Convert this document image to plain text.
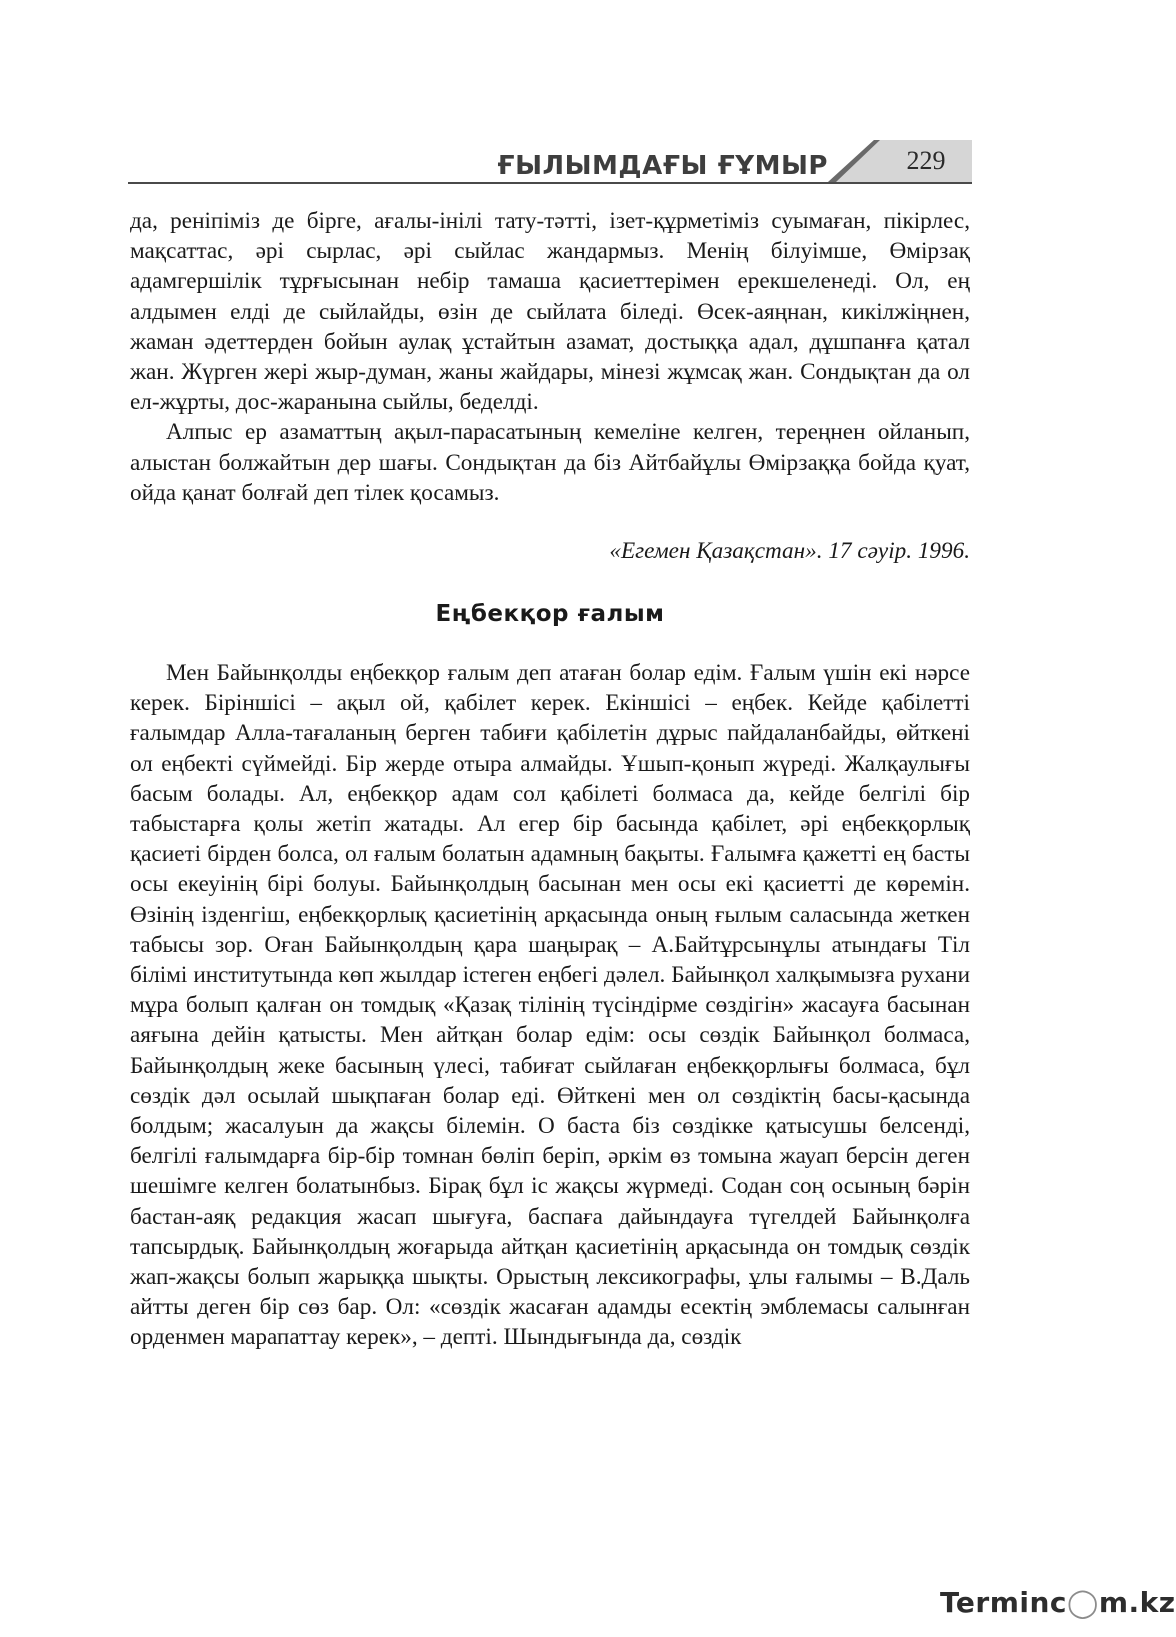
ҒЫЛЫМДАҒЫ ҒҰМЫР	229

да, реніпіміз де бірге, ағалы-інілі тату-тәтті, ізет-құрметіміз суымаған, пікірлес, мақсаттас, әрі сырлас, әрі сыйлас жандармыз. Менің білуімше, Өмірзақ адамгершілік тұрғысынан небір тамаша қасиеттерімен ерекшеленеді. Ол, ең алдымен елді де сыйлайды, өзін де сыйлата біледі. Өсек-аяңнан, кикілжіңнен, жаман әдеттерден бойын аулақ ұстайтын азамат, достыққа адал, дұшпанға қатал жан. Жүрген жері жыр-думан, жаны жайдары, мінезі жұмсақ жан. Сондықтан да ол ел-жұрты, дос-жаранына сыйлы, беделді.

Алпыс ер азаматтың ақыл-парасатының кемеліне келген, тереңнен ойланып, алыстан болжайтын дер шағы. Сондықтан да біз Айтбайұлы Өмірзаққа бойда қуат, ойда қанат болғай деп тілек қосамыз.

«Егемен Қазақстан». 17 сәуір. 1996.

Еңбекқор ғалым

Мен Байынқолды еңбекқор ғалым деп атаған болар едім. Ғалым үшін екі нәрсе керек. Біріншісі – ақыл ой, қабілет керек. Екіншісі – еңбек. Кейде қабілетті ғалымдар Алла-тағаланың берген табиғи қабілетін дұрыс пайдаланбайды, өйткені ол еңбекті сүймейді. Бір жерде отыра алмайды. Ұшып-қонып жүреді. Жалқаулығы басым болады. Ал, еңбекқор адам сол қабілеті болмаса да, кейде белгілі бір табыстарға қолы жетіп жатады. Ал егер бір басында қабілет, әрі еңбекқорлық қасиеті бірден болса, ол ғалым болатын адамның бақыты. Ғалымға қажетті ең басты осы екеуінің бірі болуы. Байынқолдың басынан мен осы екі қасиетті де көремін. Өзінің ізденгіш, еңбекқорлық қасиетінің арқасында оның ғылым саласында жеткен табысы зор. Оған Байынқолдың қара шаңырақ – А.Байтұрсынұлы атындағы Тіл білімі институтында көп жылдар істеген еңбегі дәлел. Байынқол халқымызға рухани мұра болып қалған он томдық «Қазақ тілінің түсіндірме сөздігін» жасауға басынан аяғына дейін қатысты. Мен айтқан болар едім: осы сөздік Байынқол болмаса, Байынқолдың жеке басының үлесі, табиғат сыйлаған еңбекқорлығы болмаса, бұл сөздік дәл осылай шықпаған болар еді. Өйткені мен ол сөздіктің басы-қасында болдым; жасалуын да жақсы білемін. О баста біз сөздікке қатысушы белсенді, белгілі ғалымдарға бір-бір томнан бөліп беріп, әркім өз томына жауап берсін деген шешімге келген болатынбыз. Бірақ бұл іс жақсы жүрмеді. Содан соң осының бәрін бастан-аяқ редакция жасап шығуға, баспаға дайындауға түгелдей Байынқолға тапсырдық. Байынқолдың жоғарыда айтқан қасиетінің арқасында он томдық сөздік жап-жақсы болып жарыққа шықты. Орыстың лексикографы, ұлы ғалымы – В.Даль айтты деген бір сөз бар. Ол: «сөздік жасаған адамды есектің эмблемасы салынған орденмен марапаттау керек», – депті. Шындығында да, сөздік

Terminc◯m.kz
